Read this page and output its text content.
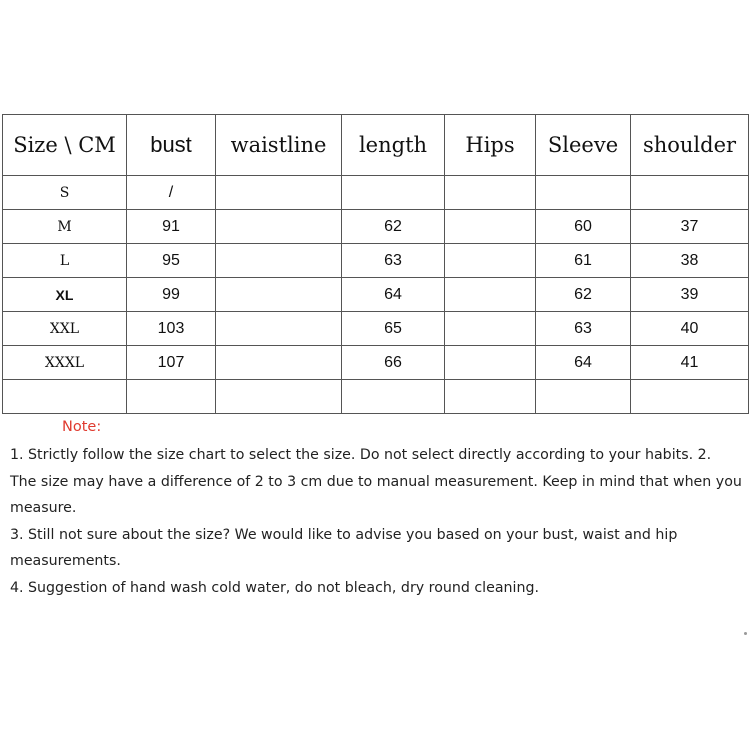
Size \ CM	bust	waistline	length	Hips	Sleeve	shoulder
S	/					
M	91		62		60	37
L	95		63		61	38
XL	99		64		62	39
XXL	103		65		63	40
XXXL	107		66		64	41

Note:

1. Strictly follow the size chart to select the size. Do not select directly according to your habits. 2. The size may have a difference of 2 to 3 cm due to manual measurement. Keep in mind that when you measure.

3. Still not sure about the size? We would like to advise you based on your bust, waist and hip measurements.

4. Suggestion of hand wash cold water, do not bleach, dry round cleaning.
